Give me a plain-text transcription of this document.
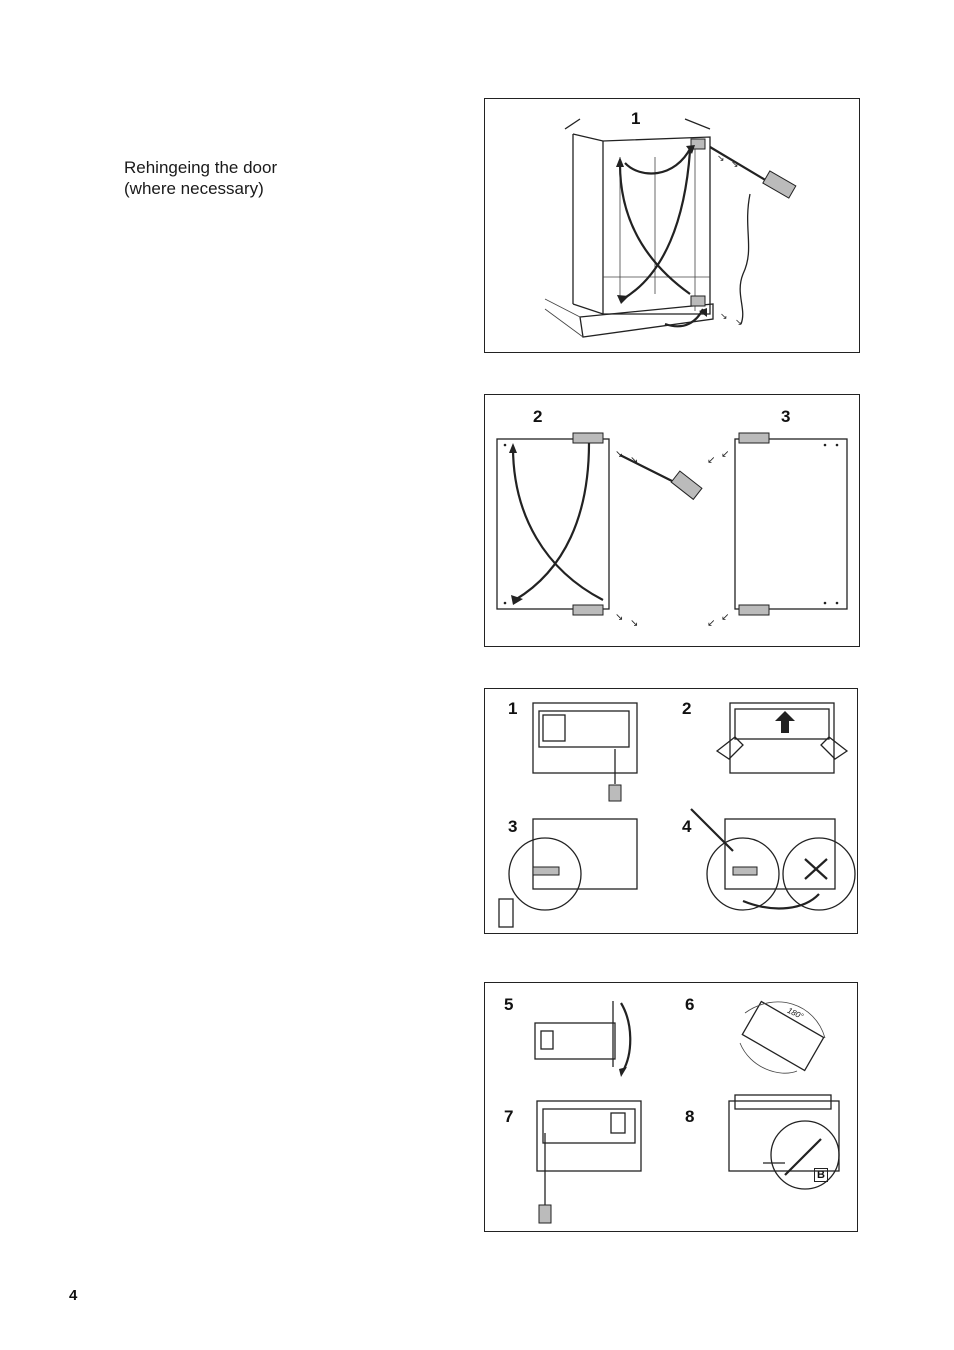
Rehingeing the door
(where necessary)
1
↘
↘
↘
↘
2	3
↘
↘
↘
↘
↙
↙
↙
↙
1	2
3	4
5	6
7	8
180°
B
4
